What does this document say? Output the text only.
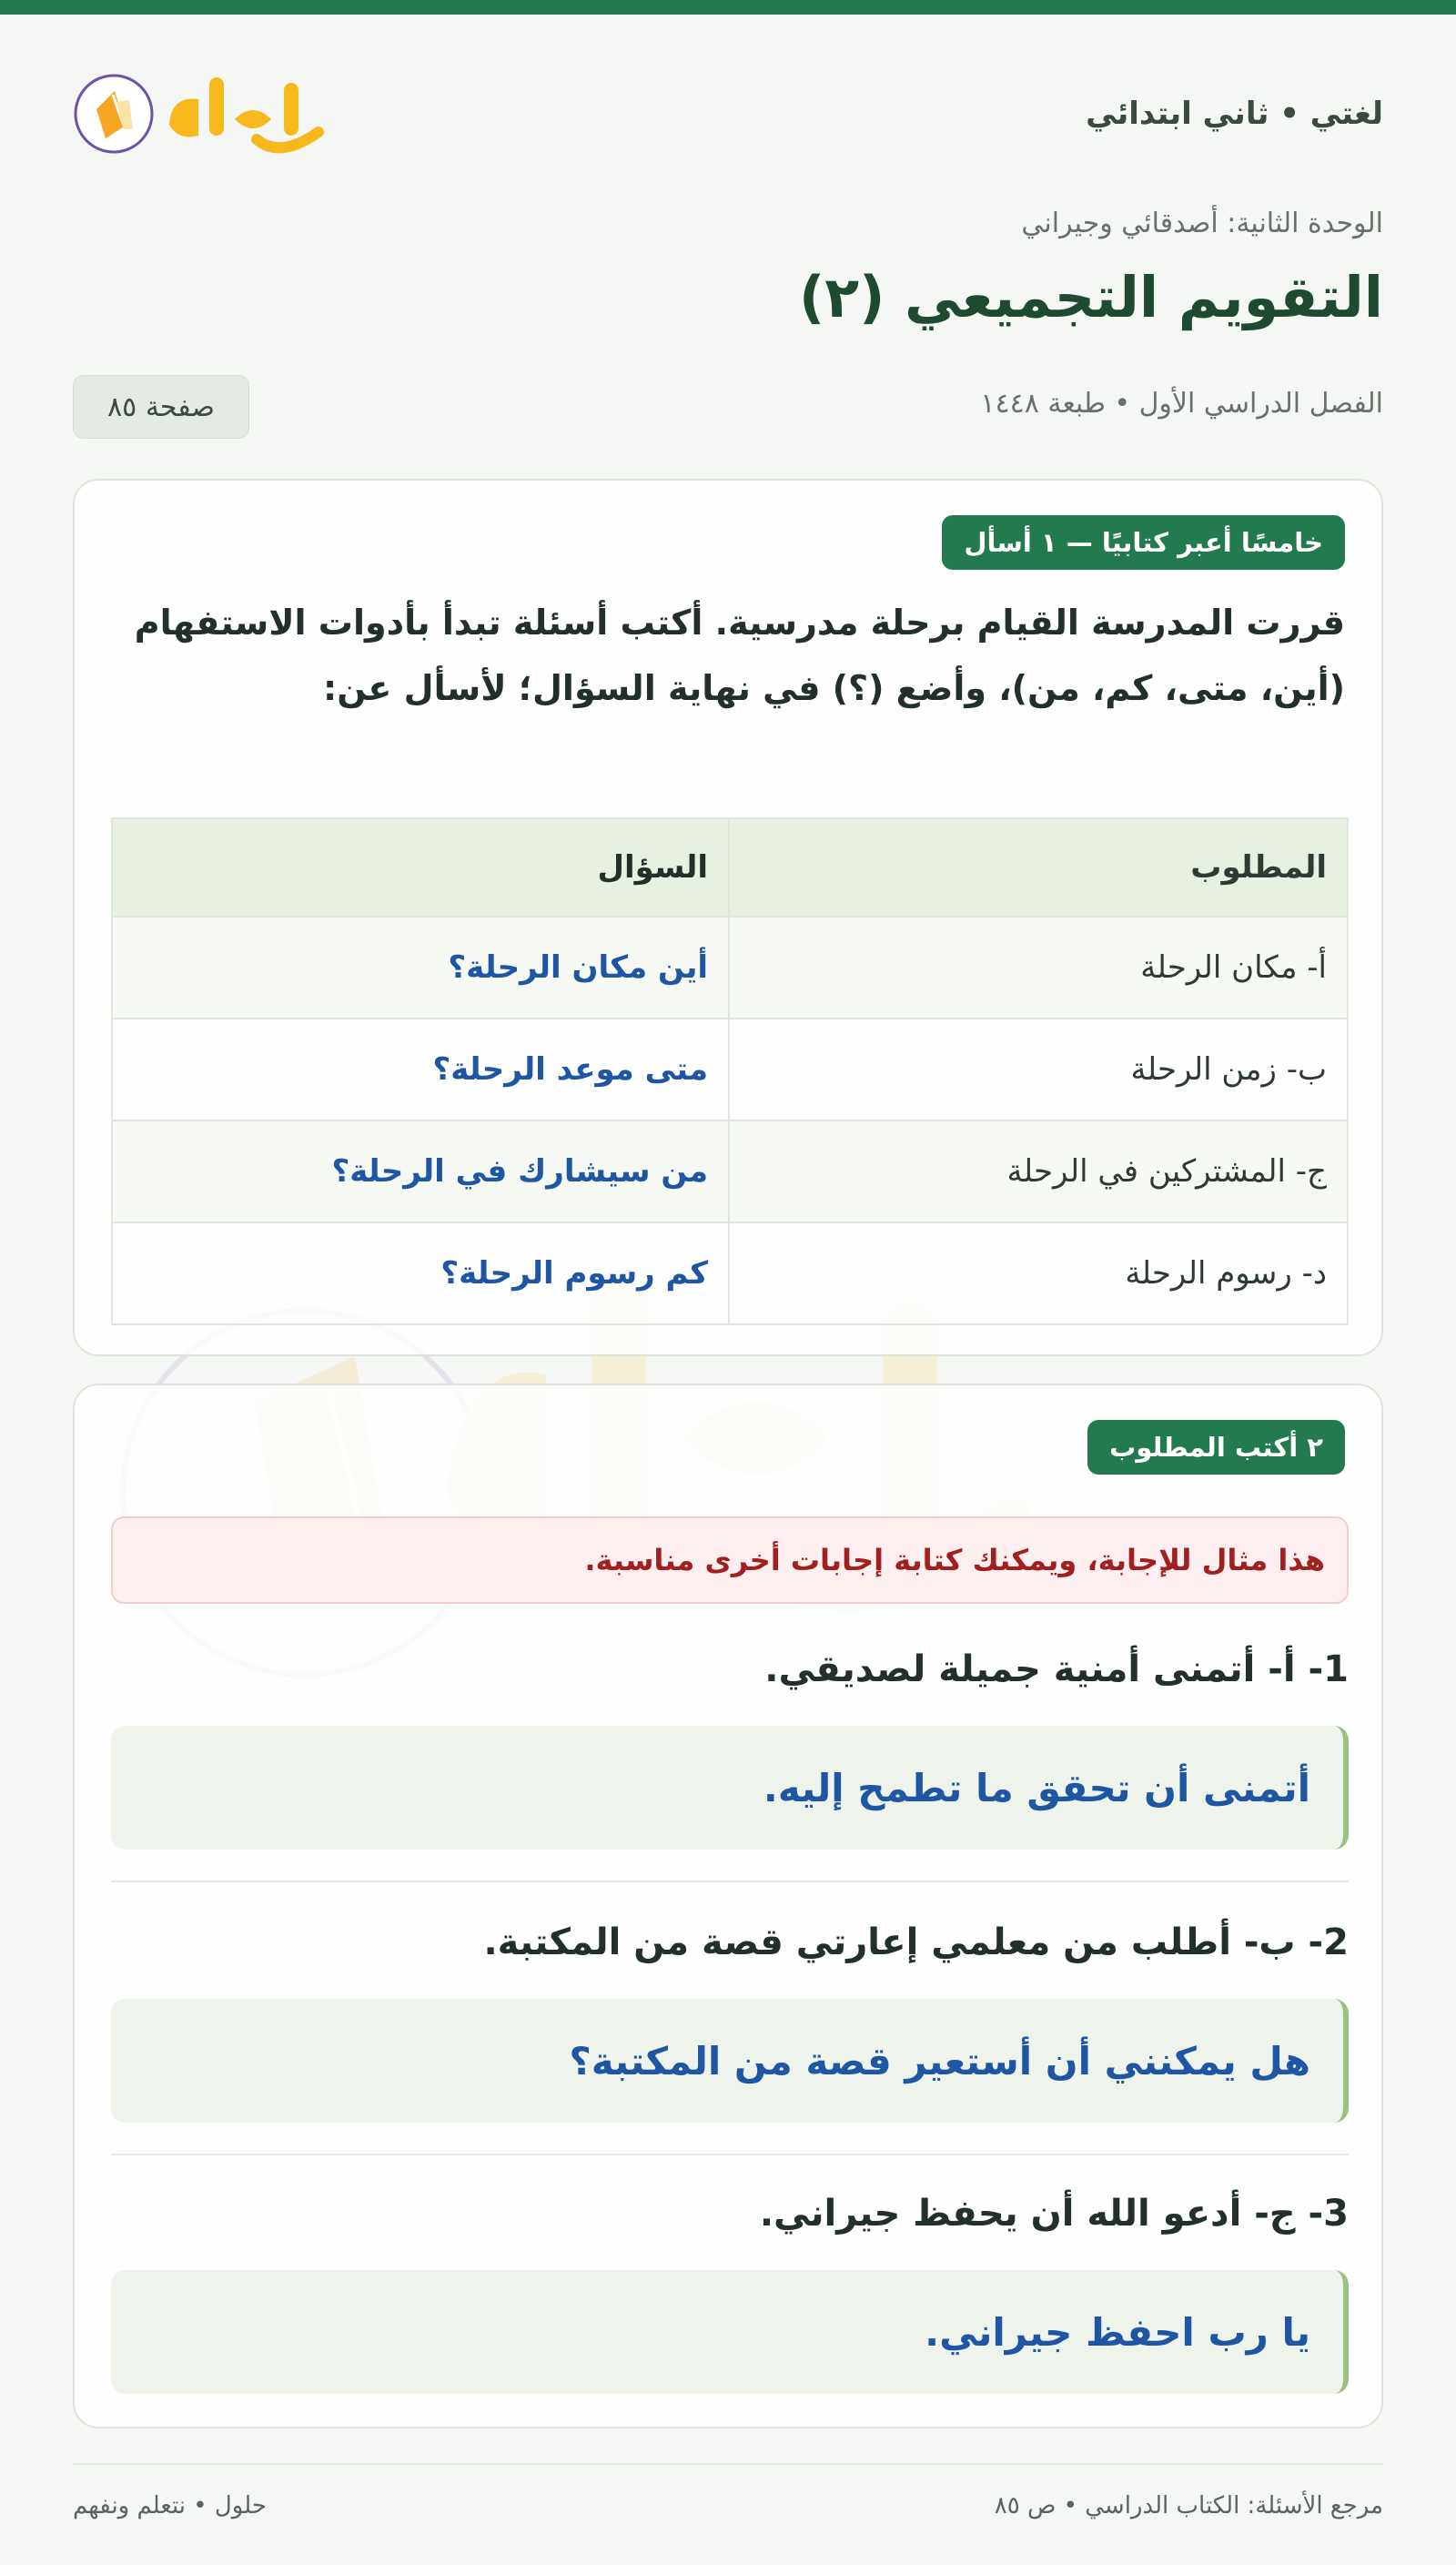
لغتي • ثاني ابتدائي
الوحدة الثانية: أصدقائي وجيراني
التقويم التجميعي (٢)
الفصل الدراسي الأول • طبعة ١٤٤٨
صفحة ٨٥
خامسًا أعبر كتابيًا — ١ أسأل

قررت المدرسة القيام برحلة مدرسية. أكتب أسئلة تبدأ بأدوات الاستفهام (أين، متى، كم، من)، وأضع (؟) في نهاية السؤال؛ لأسأل عن:

المطلوب	السؤال
أ- مكان الرحلة	أين مكان الرحلة؟
ب- زمن الرحلة	متى موعد الرحلة؟
ج- المشتركين في الرحلة	من سيشارك في الرحلة؟
د- رسوم الرحلة	كم رسوم الرحلة؟
٢ أكتب المطلوب
هذا مثال للإجابة، ويمكنك كتابة إجابات أخرى مناسبة.
1- أ- أتمنى أمنية جميلة لصديقي.
أتمنى أن تحقق ما تطمح إليه.
2- ب- أطلب من معلمي إعارتي قصة من المكتبة.
هل يمكنني أن أستعير قصة من المكتبة؟
3- ج- أدعو الله أن يحفظ جيراني.
يا رب احفظ جيراني.
مرجع الأسئلة: الكتاب الدراسي • ص ٨٥
حلول • نتعلم ونفهم
